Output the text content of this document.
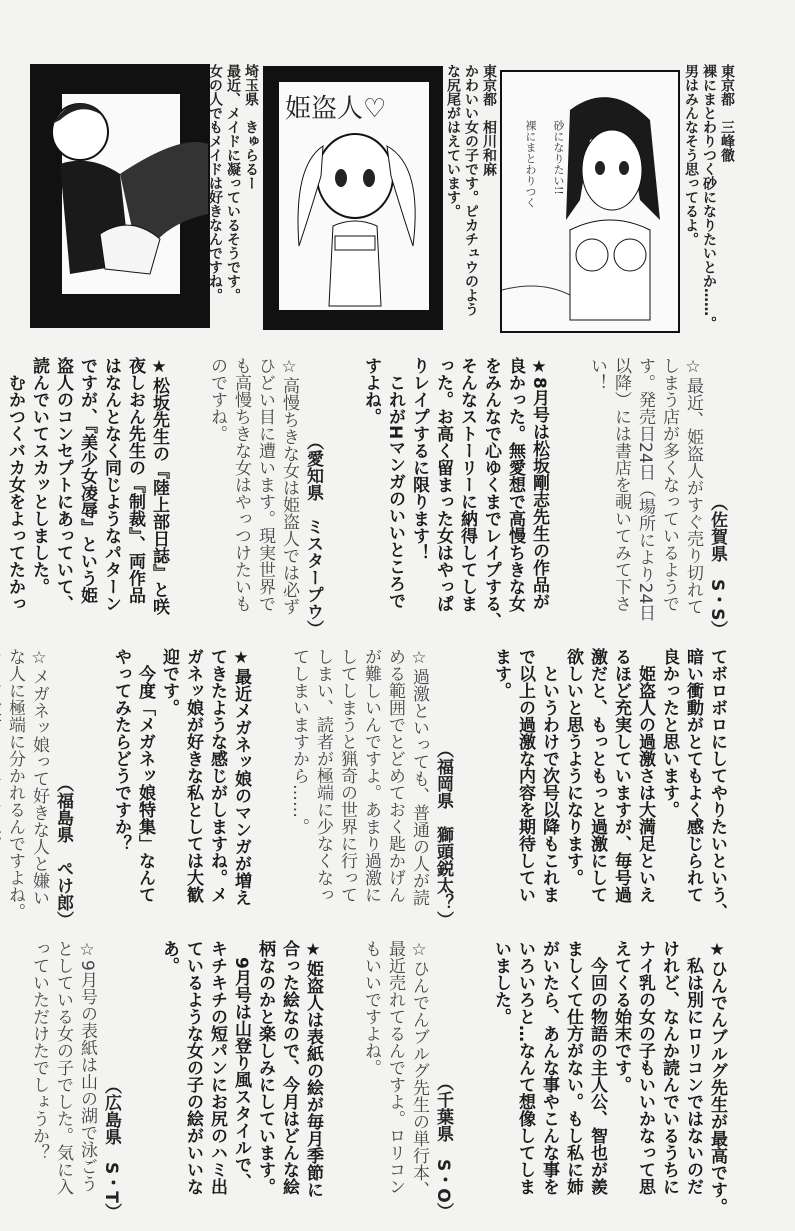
埼玉県　きゅらるー
最近、メイドに凝っているそうです。
女の人でもメイドは好きなんですね。 姫盗人♡	東京都　相川和麻
かわいい女の子です。ピカチュウのよう
な尻尾がはえています。	砂になりたい!!
裸にまとわりつく
東京都　三峰徹
裸にまとわりつく砂になりたいとか……。
男はみんなそう思ってるよ。
（佐賀県　S・S）
☆最近、姫盗人がすぐ売り切れて
しまう店が多くなっているようで
す。発売日24日（場所により24日
以降）には書店を覗いてみて下さ
い！
★8月号は松坂剛志先生の作品が
良かった。無愛想で高慢ちきな女
をみんなで心ゆくまでレイプする、
そんなストーリーに納得してしま
った。お高く留まった女はやっぱ
りレイプするに限ります！
　これがHマンガのいいところで
すよね。
（愛知県　ミスタープウ）
☆高慢ちきな女は姫盗人では必ず
ひどい目に遭います。現実世界で
も高慢ちきな女はやっつけたいも
のですね。
★松坂先生の『陸上部日誌』と咲
夜しおん先生の『制裁』、両作品
はなんとなく同じようなパターン
ですが、『美少女凌辱』という姫
盗人のコンセプトにあっていて、
読んでいてスカッとしました。
　むかつくバカ女をよってたかっ
てボロボロにしてやりたいという、
暗い衝動がとてもよく感じられて
良かったと思います。
　姫盗人の過激さは大満足といえ
るほど充実していますが、毎号過
激だと、もっともっと過激にして
欲しいと思うようになります。
　というわけで次号以降もこれま
で以上の過激な内容を期待してい
ます。
（福岡県　獅頭鋭太？）
☆過激といっても、普通の人が読
める範囲でとどめておく匙かげん
が難しいんですよ。あまり過激に
してしまうと猟奇の世界に行って
しまい、読者が極端に少なくなっ
てしまいますから……。
★最近メガネッ娘のマンガが増え
てきたような感じがしますね。メ
ガネッ娘が好きな私としては大歓
迎です。
　今度「メガネッ娘特集」なんて
やってみたらどうですか？
（福島県　ぺけ郎）
☆メガネッ娘って好きな人と嫌い
な人に極端に分かれるんですよね。
★ひんでんブルグ先生が最高です。
　私は別にロリコンではないのだ
けれど、なんか読んでいるうちに
ナイ乳の女の子もいいかなって思
えてくる始末です。
　今回の物語の主人公、智也が羨
ましくて仕方がない。もし私に姉
がいたら、あんな事やこんな事を
いろいろと…なんて想像してしま
いました。
（千葉県　S・O）
☆ひんでんブルグ先生の単行本、
最近売れてるんですよ。ロリコン
もいいですよね。
★姫盗人は表紙の絵が毎月季節に
合った絵なので、今月はどんな絵
柄なのかと楽しみにしています。
　9月号は山登り風スタイルで、
キチキチの短パンにお尻のハミ出
ているような女の子の絵がいいな
あ。
（広島県　S・T）
☆9月号の表紙は山の湖で泳ごう
としている女の子でした。気に入
っていただけたでしょうか？
